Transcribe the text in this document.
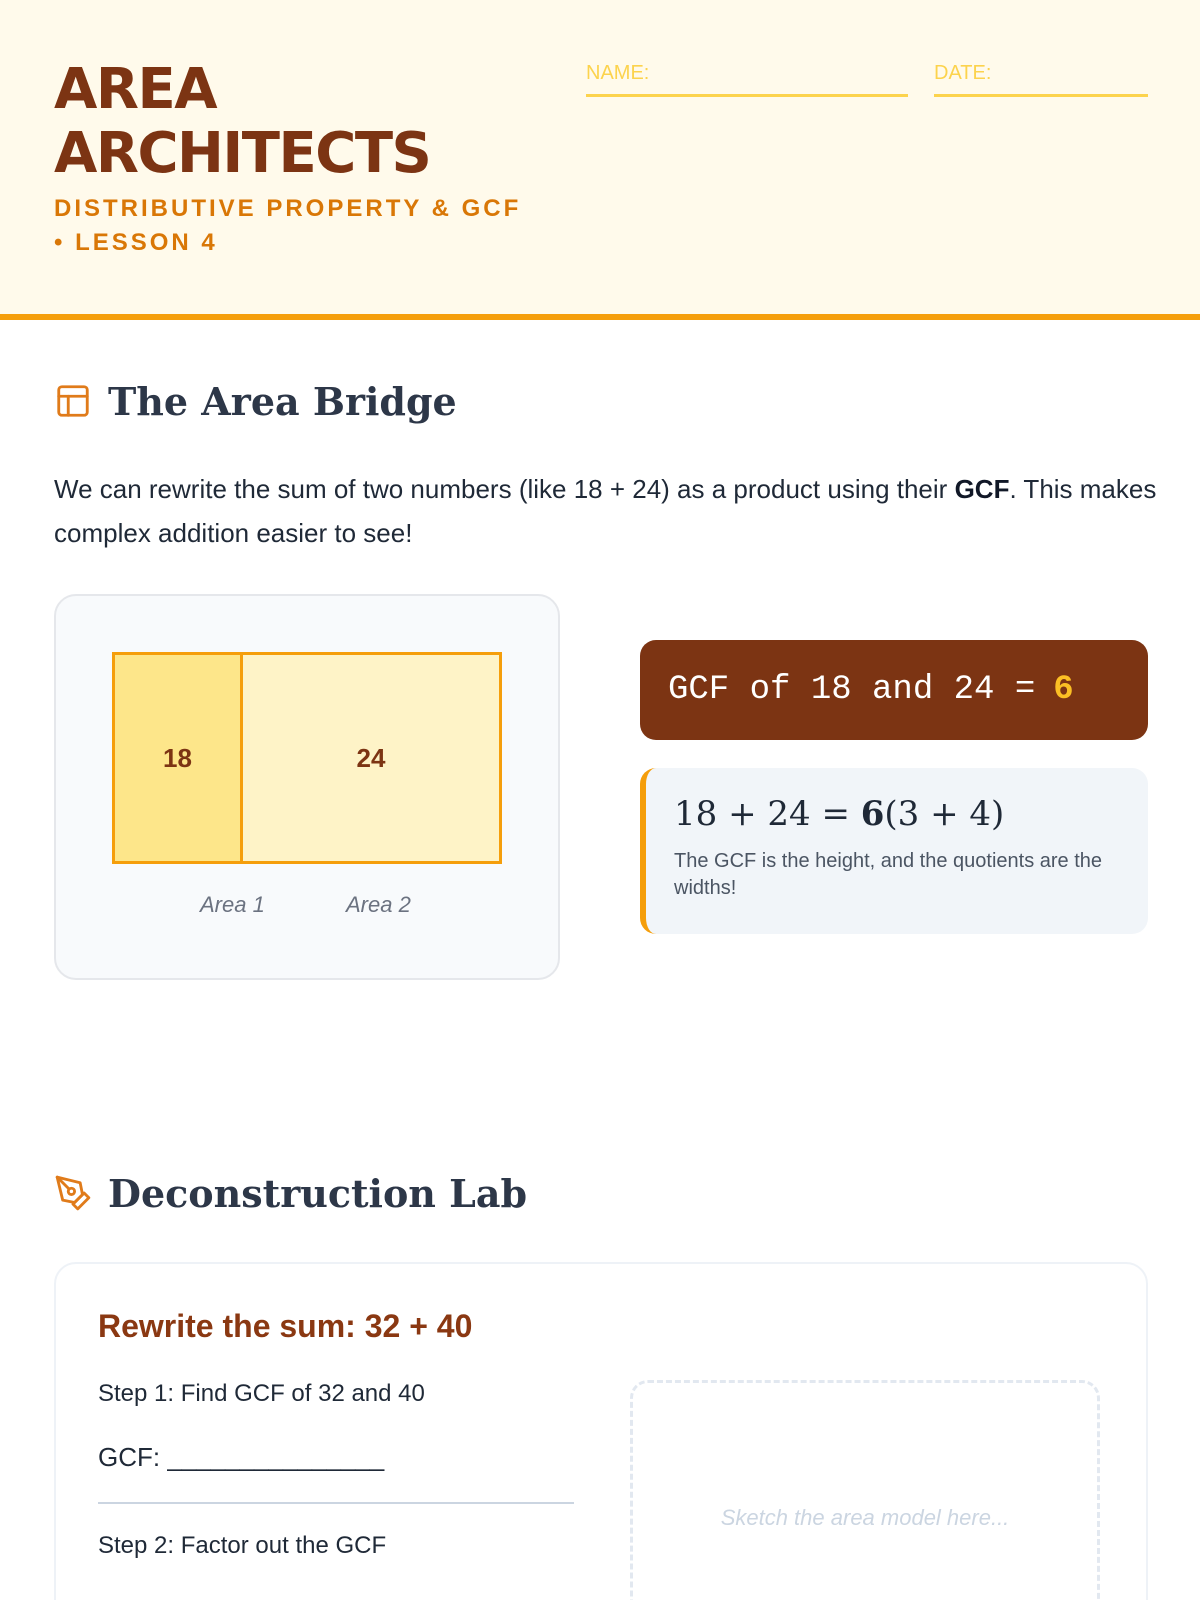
AREA ARCHITECTS
DISTRIBUTIVE PROPERTY & GCF • LESSON 4
NAME:	DATE:
The Area Bridge
We can rewrite the sum of two numbers (like 18 + 24) as a product using their GCF. This makes complex addition easier to see!
18	24
Area 1	Area 2
GCF of 18 and 24 = 6
18 + 24 = 6(3 + 4)
The GCF is the height, and the quotients are the widths!
Deconstruction Lab
Rewrite the sum: 32 + 40
Step 1: Find GCF of 32 and 40
GCF: _______________
Step 2: Factor out the GCF
Sketch the area model here...
